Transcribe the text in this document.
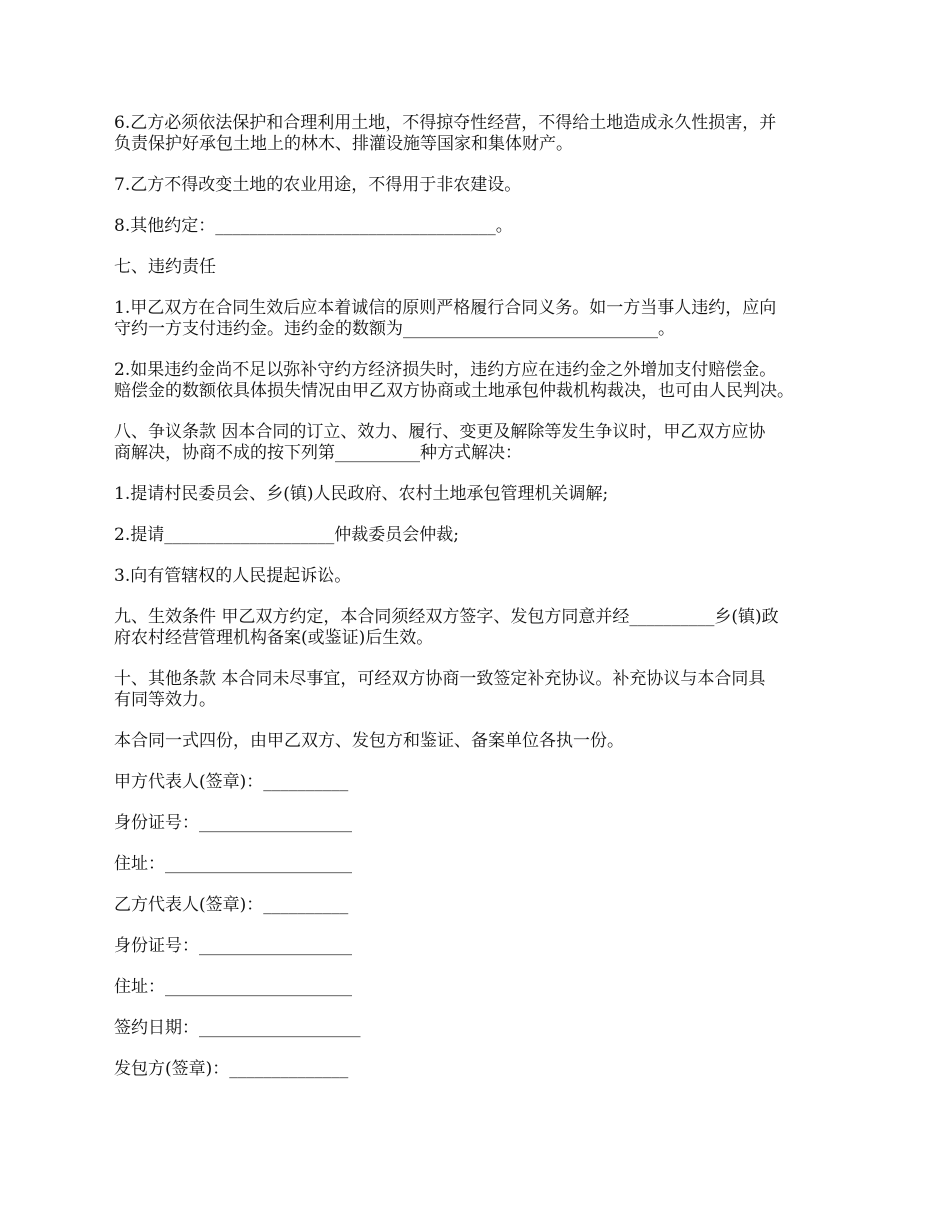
6.乙方必须依法保护和合理利用土地，不得掠夺性经营，不得给土地造成永久性损害，并
负责保护好承包土地上的林木、排灌设施等国家和集体财产。

7.乙方不得改变土地的农业用途，不得用于非农建设。

8.其他约定：_________________________________。

七、违约责任

1.甲乙双方在合同生效后应本着诚信的原则严格履行合同义务。如一方当事人违约，应向
守约一方支付违约金。违约金的数额为______________________________。

2.如果违约金尚不足以弥补守约方经济损失时，违约方应在违约金之外增加支付赔偿金。
赔偿金的数额依具体损失情况由甲乙双方协商或土地承包仲裁机构裁决，也可由人民判决。

八、争议条款 因本合同的订立、效力、履行、变更及解除等发生争议时，甲乙双方应协
商解决，协商不成的按下列第__________种方式解决：

1.提请村民委员会、乡(镇)人民政府、农村土地承包管理机关调解;

2.提请____________________仲裁委员会仲裁;

3.向有管辖权的人民提起诉讼。

九、生效条件 甲乙双方约定，本合同须经双方签字、发包方同意并经__________乡(镇)政
府农村经营管理机构备案(或鉴证)后生效。

十、其他条款 本合同未尽事宜，可经双方协商一致签定补充协议。补充协议与本合同具
有同等效力。

本合同一式四份，由甲乙双方、发包方和鉴证、备案单位各执一份。

甲方代表人(签章)：__________
身份证号：__________________
住址：______________________
乙方代表人(签章)：__________
身份证号：__________________
住址：______________________
签约日期：___________________
发包方(签章)：______________
